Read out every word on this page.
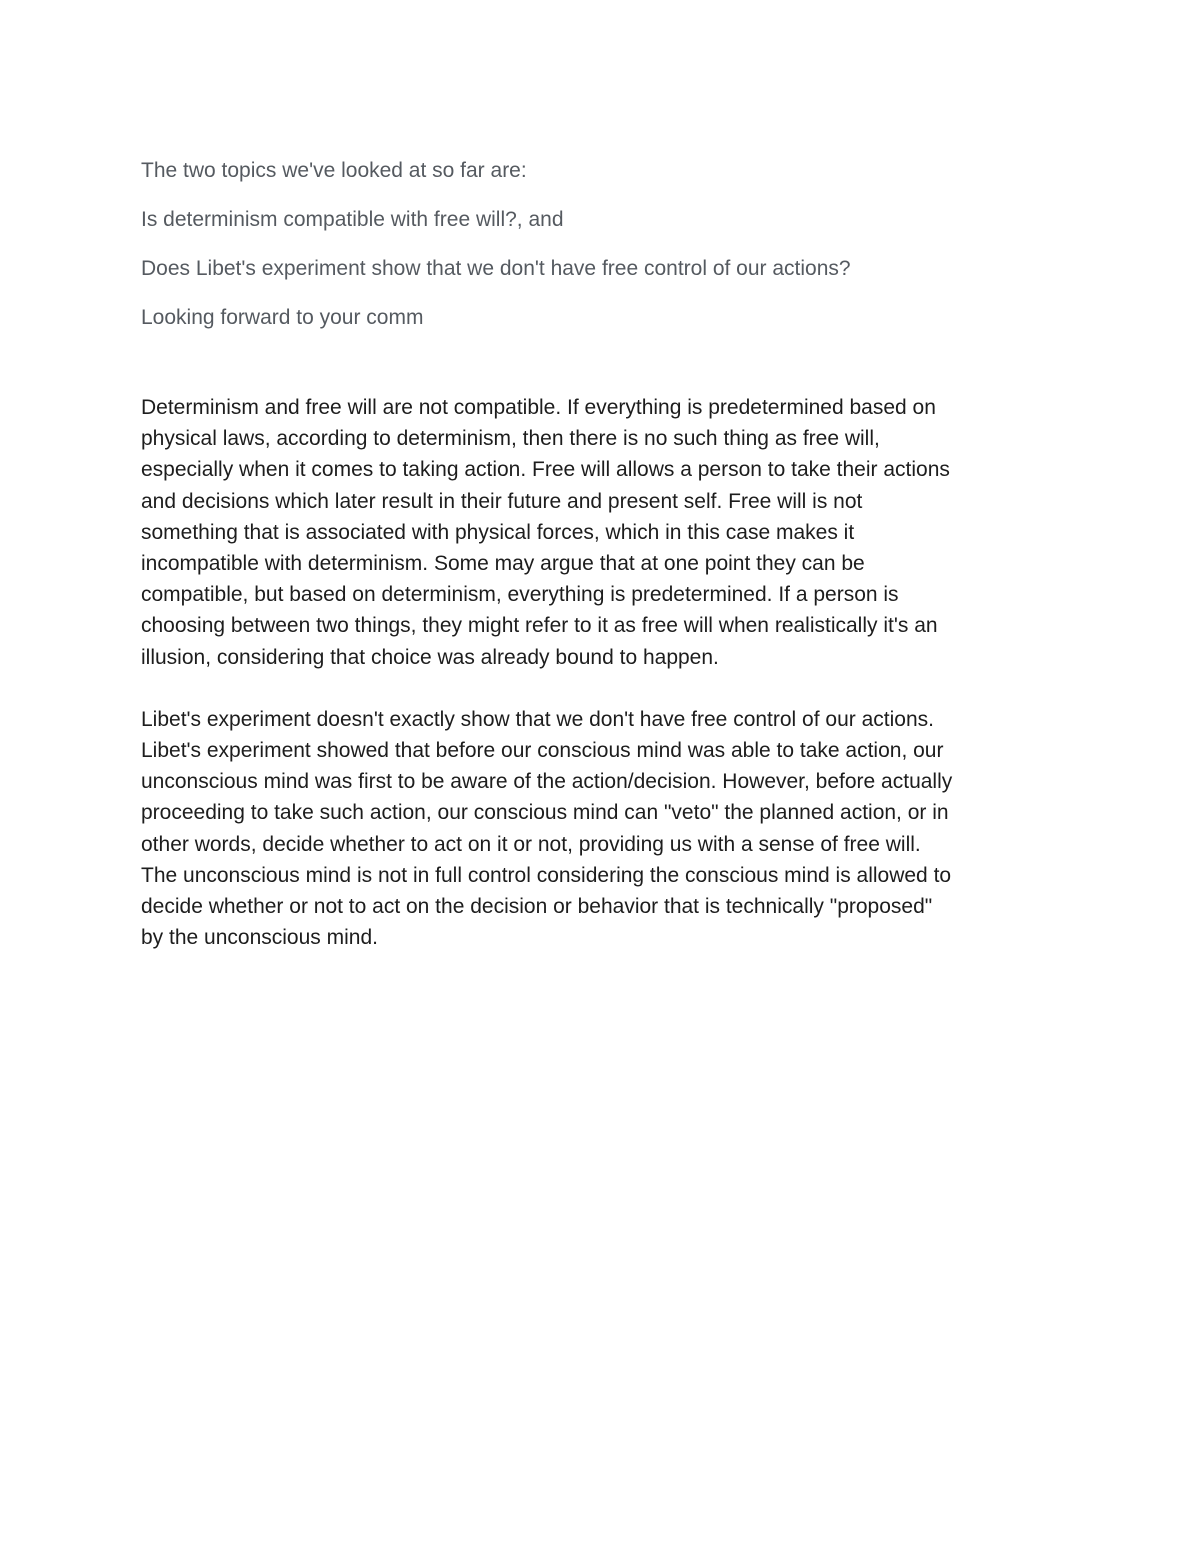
The two topics we've looked at so far are:

Is determinism compatible with free will?, and

Does Libet's experiment show that we don't have free control of our actions?

Looking forward to your comm

Determinism and free will are not compatible. If everything is predetermined based on
physical laws, according to determinism, then there is no such thing as free will,
especially when it comes to taking action. Free will allows a person to take their actions
and decisions which later result in their future and present self. Free will is not
something that is associated with physical forces, which in this case makes it
incompatible with determinism. Some may argue that at one point they can be
compatible, but based on determinism, everything is predetermined. If a person is
choosing between two things, they might refer to it as free will when realistically it's an
illusion, considering that choice was already bound to happen.

Libet's experiment doesn't exactly show that we don't have free control of our actions.
Libet's experiment showed that before our conscious mind was able to take action, our
unconscious mind was first to be aware of the action/decision. However, before actually
proceeding to take such action, our conscious mind can "veto" the planned action, or in
other words, decide whether to act on it or not, providing us with a sense of free will.
The unconscious mind is not in full control considering the conscious mind is allowed to
decide whether or not to act on the decision or behavior that is technically "proposed"
by the unconscious mind.
